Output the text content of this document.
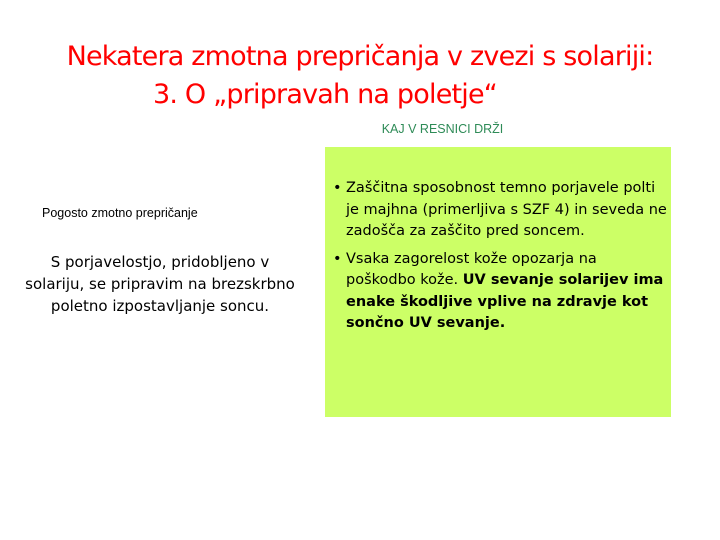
Nekatera zmotna prepričanja v zvezi s solariji:
3. O „pripravah na poletje“
KAJ V RESNICI DRŽI
Pogosto zmotno prepričanje
S porjavelostjo, pridobljeno v solariju, se pripravim na brezskrbno poletno izpostavljanje soncu.
• Zaščitna sposobnost temno porjavele polti je majhna (primerljiva s SZF 4) in seveda ne zadošča za zaščito pred soncem.
• Vsaka zagorelost kože opozarja na poškodbo kože. UV sevanje solarijev ima enake škodljive vplive na zdravje kot sončno UV sevanje.
